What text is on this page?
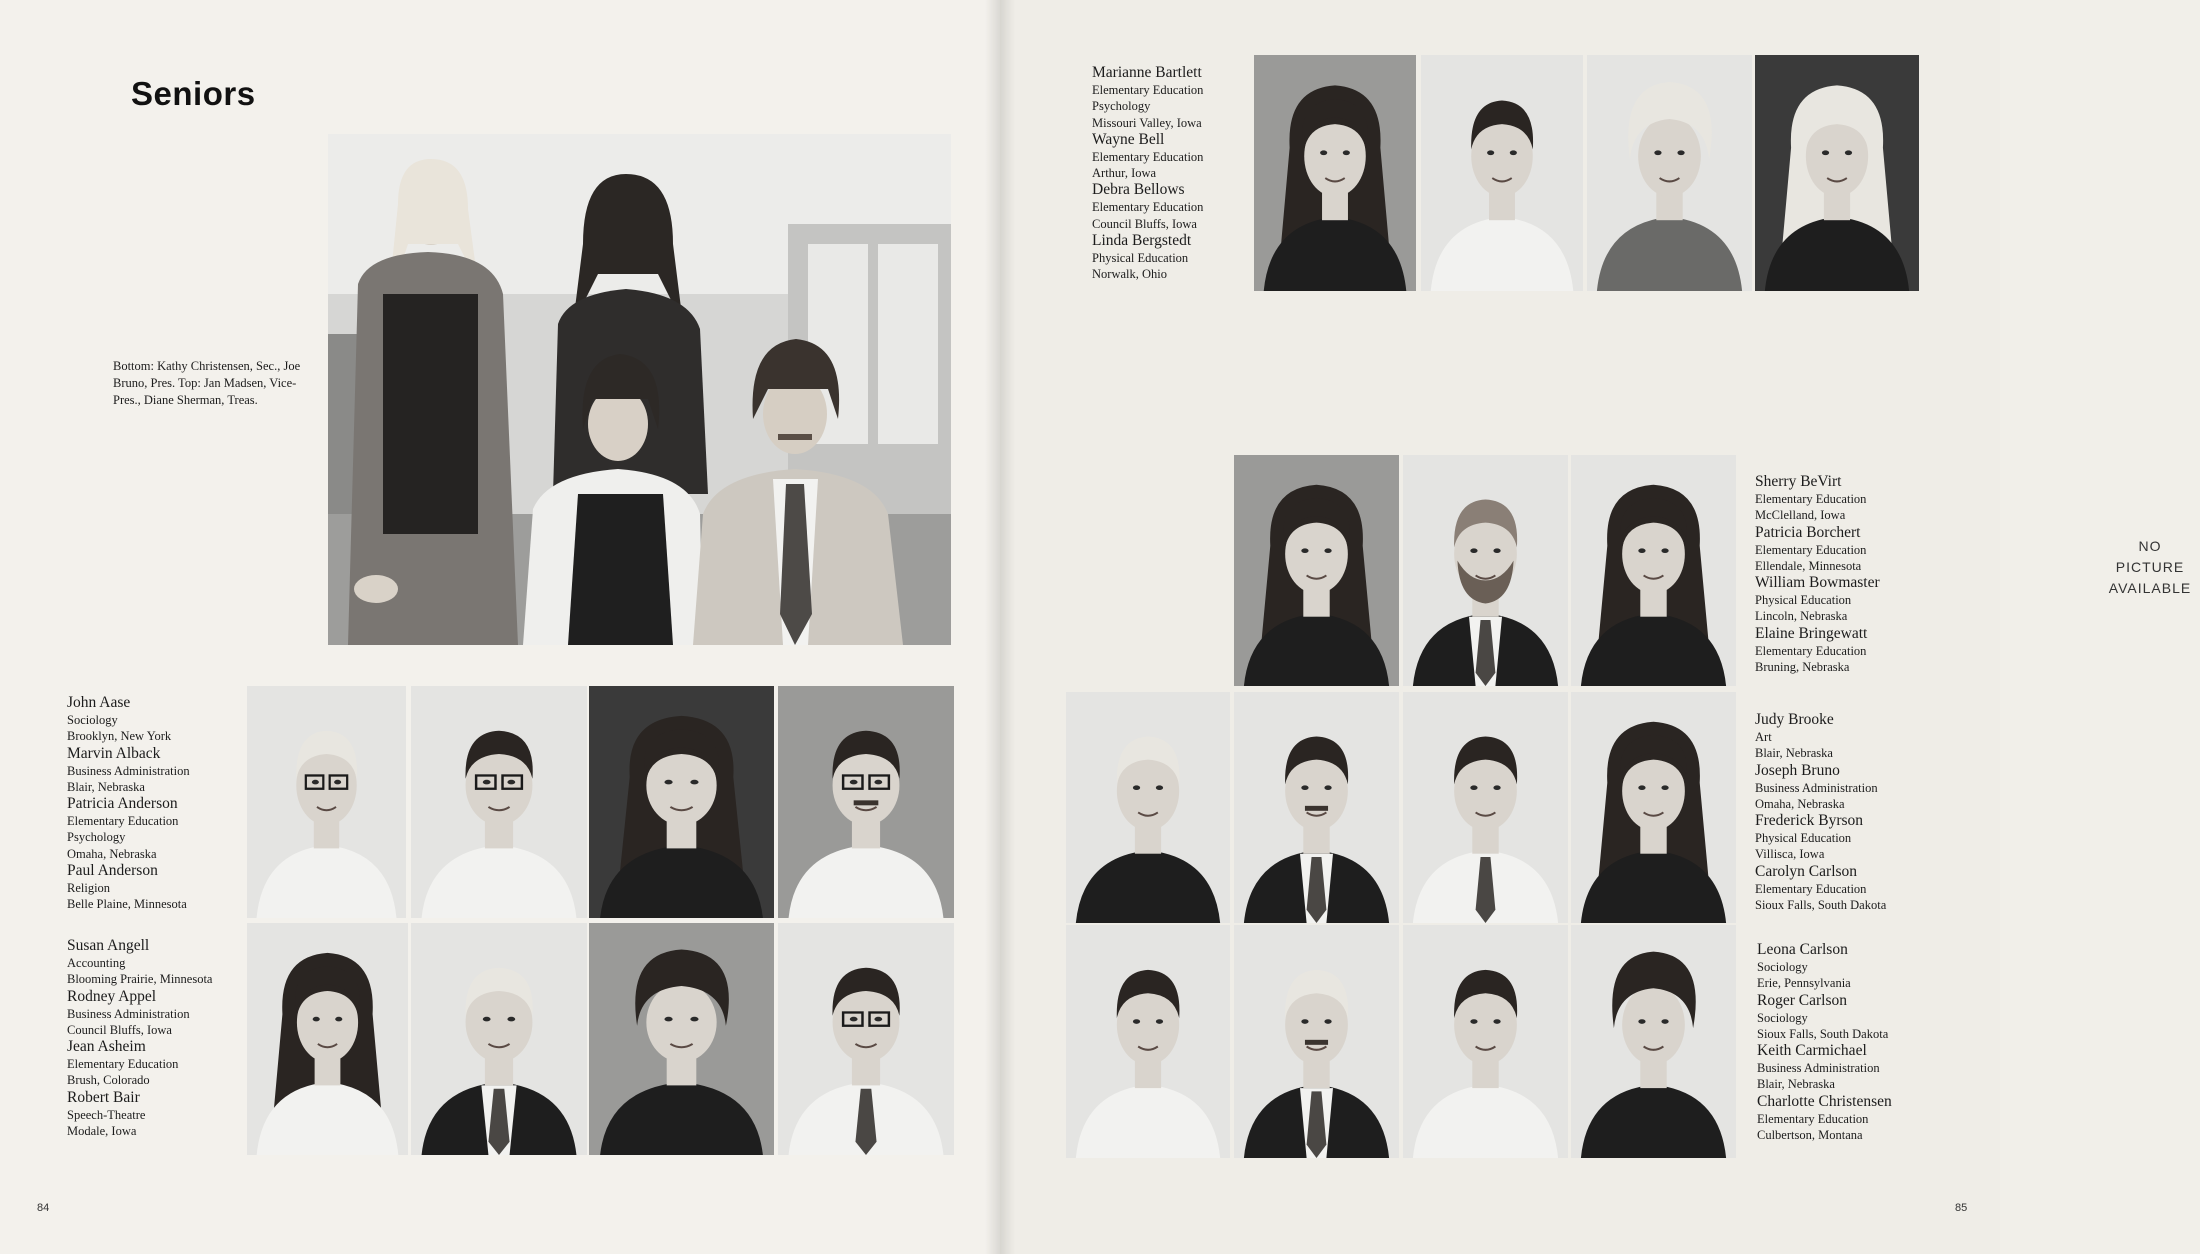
Seniors
Bottom: Kathy Christensen, Sec., Joe Bruno, Pres. Top: Jan Madsen, Vice-Pres., Diane Sherman, Treas.
John Aase
Sociology
Brooklyn, New York
Marvin Alback
Business Administration
Blair, Nebraska
Patricia Anderson
Elementary Education
Psychology
Omaha, Nebraska
Paul Anderson
Religion
Belle Plaine, Minnesota
Susan Angell
Accounting
Blooming Prairie, Minnesota
Rodney Appel
Business Administration
Council Bluffs, Iowa
Jean Asheim
Elementary Education
Brush, Colorado
Robert Bair
Speech-Theatre
Modale, Iowa
84
Marianne Bartlett
Elementary Education
Psychology
Missouri Valley, Iowa
Wayne Bell
Elementary Education
Arthur, Iowa
Debra Bellows
Elementary Education
Council Bluffs, Iowa
Linda Bergstedt
Physical Education
Norwalk, Ohio
NO
PICTURE
AVAILABLE
Sherry BeVirt
Elementary Education
McClelland, Iowa
Patricia Borchert
Elementary Education
Ellendale, Minnesota
William Bowmaster
Physical Education
Lincoln, Nebraska
Elaine Bringewatt
Elementary Education
Bruning, Nebraska
Judy Brooke
Art
Blair, Nebraska
Joseph Bruno
Business Administration
Omaha, Nebraska
Frederick Byrson
Physical Education
Villisca, Iowa
Carolyn Carlson
Elementary Education
Sioux Falls, South Dakota
Leona Carlson
Sociology
Erie, Pennsylvania
Roger Carlson
Sociology
Sioux Falls, South Dakota
Keith Carmichael
Business Administration
Blair, Nebraska
Charlotte Christensen
Elementary Education
Culbertson, Montana
85
